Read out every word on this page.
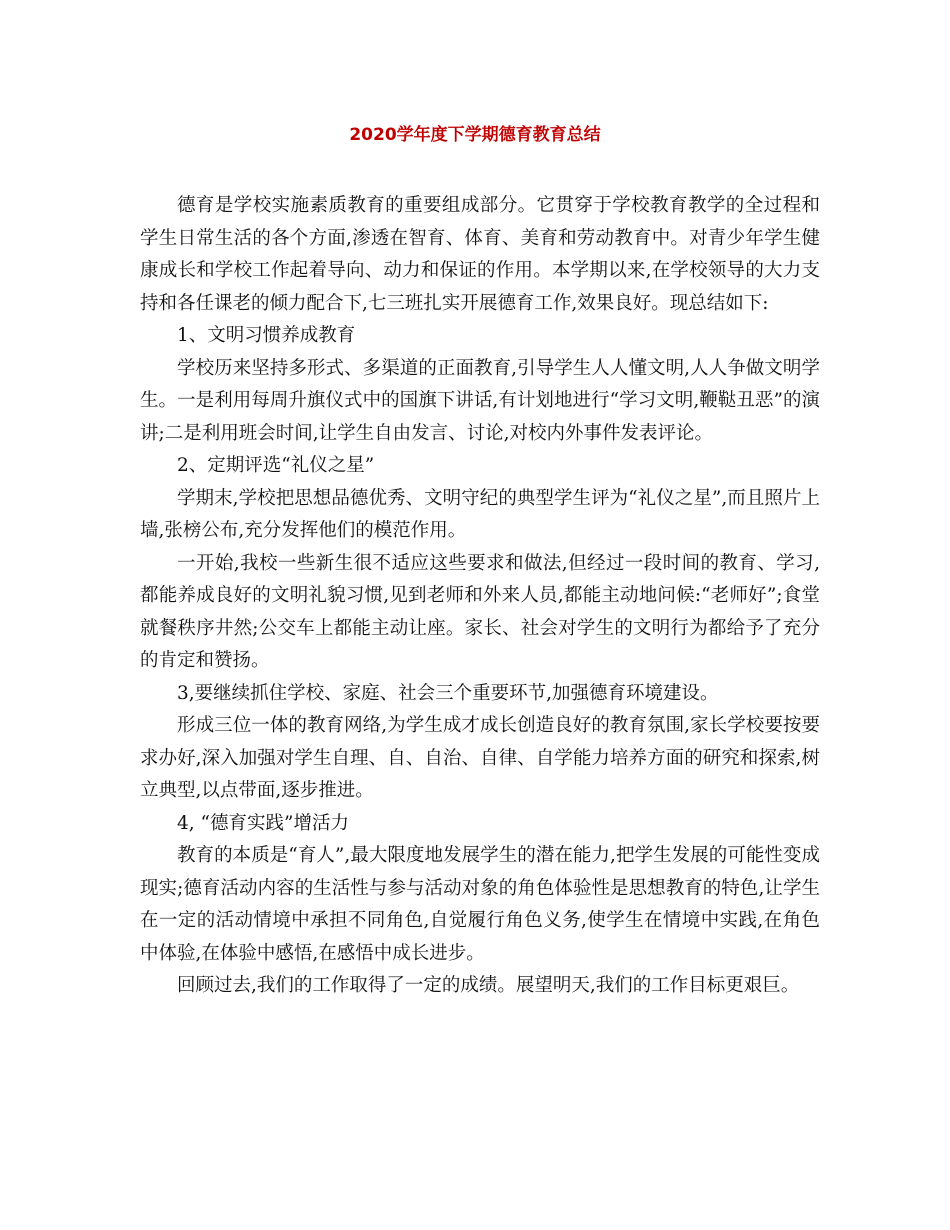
2020学年度下学期德育教育总结

德育是学校实施素质教育的重要组成部分。它贯穿于学校教育教学的全过程和学生日常生活的各个方面,渗透在智育、体育、美育和劳动教育中。对青少年学生健康成长和学校工作起着导向、动力和保证的作用。本学期以来,在学校领导的大力支持和各任课老的倾力配合下,七三班扎实开展德育工作,效果良好。现总结如下:

1、文明习惯养成教育

学校历来坚持多形式、多渠道的正面教育,引导学生人人懂文明,人人争做文明学生。一是利用每周升旗仪式中的国旗下讲话,有计划地进行“学习文明,鞭鞑丑恶”的演讲;二是利用班会时间,让学生自由发言、讨论,对校内外事件发表评论。

2、定期评选“礼仪之星”

学期末,学校把思想品德优秀、文明守纪的典型学生评为“礼仪之星”,而且照片上墙,张榜公布,充分发挥他们的模范作用。

一开始,我校一些新生很不适应这些要求和做法,但经过一段时间的教育、学习,都能养成良好的文明礼貌习惯,见到老师和外来人员,都能主动地问候:“老师好”;食堂就餐秩序井然;公交车上都能主动让座。家长、社会对学生的文明行为都给予了充分的肯定和赞扬。

3,要继续抓住学校、家庭、社会三个重要环节,加强德育环境建设。

形成三位一体的教育网络,为学生成才成长创造良好的教育氛围,家长学校要按要求办好,深入加强对学生自理、自、自治、自律、自学能力培养方面的研究和探索,树立典型,以点带面,逐步推进。

4, “德育实践”增活力

教育的本质是“育人”,最大限度地发展学生的潜在能力,把学生发展的可能性变成现实;德育活动内容的生活性与参与活动对象的角色体验性是思想教育的特色,让学生在一定的活动情境中承担不同角色,自觉履行角色义务,使学生在情境中实践,在角色中体验,在体验中感悟,在感悟中成长进步。

回顾过去,我们的工作取得了一定的成绩。展望明天,我们的工作目标更艰巨。
